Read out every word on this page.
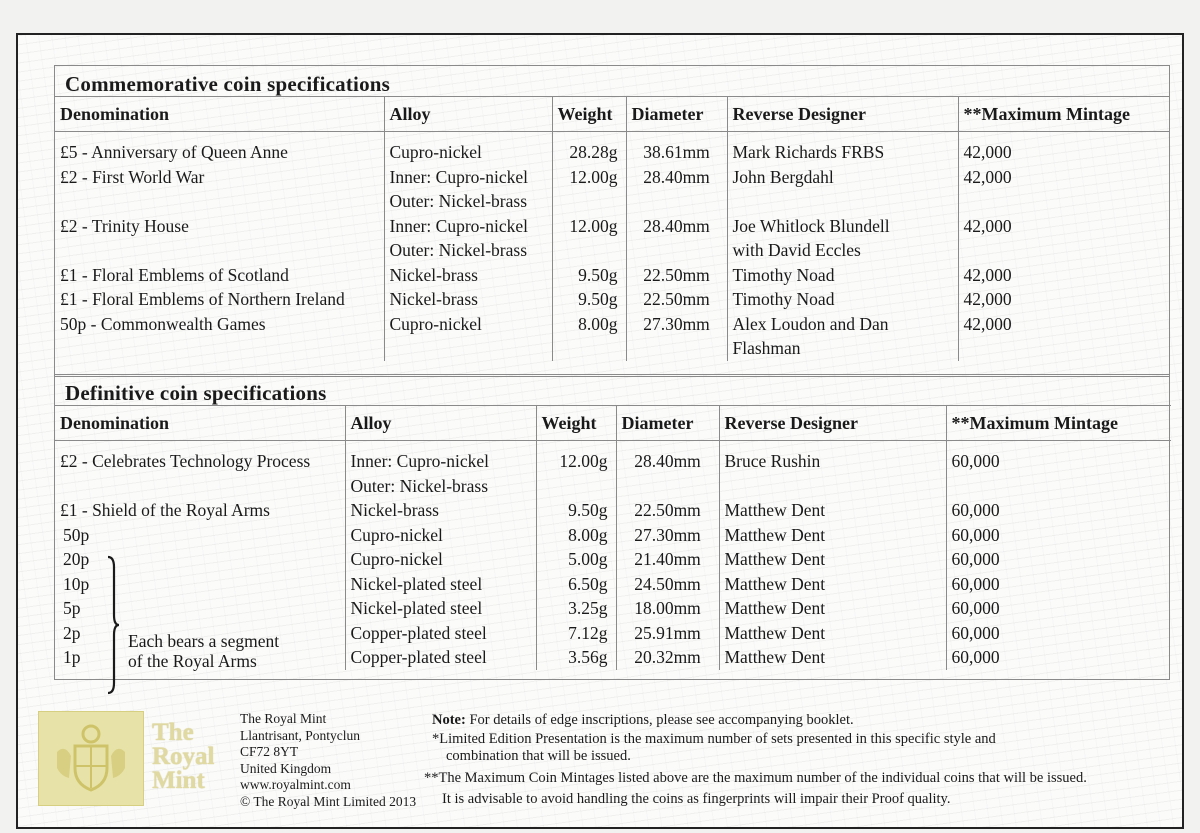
Commemorative coin specifications
Denomination	Alloy	Weight	Diameter	Reverse Designer	**Maximum Mintage
£5 - Anniversary of Queen Anne	Cupro-nickel	28.28g	38.61mm	Mark Richards FRBS	42,000
£2 - First World War	Inner: Cupro-nickel	12.00g	28.40mm	John Bergdahl	42,000
	Outer: Nickel-brass				
£2 - Trinity House	Inner: Cupro-nickel	12.00g	28.40mm	Joe Whitlock Blundell	42,000
	Outer: Nickel-brass			with David Eccles	
£1 - Floral Emblems of Scotland	Nickel-brass	9.50g	22.50mm	Timothy Noad	42,000
£1 - Floral Emblems of Northern Ireland	Nickel-brass	9.50g	22.50mm	Timothy Noad	42,000
50p - Commonwealth Games	Cupro-nickel	8.00g	27.30mm	Alex Loudon and Dan	42,000
				Flashman	
Definitive coin specifications
Denomination	Alloy	Weight	Diameter	Reverse Designer	**Maximum Mintage
£2 - Celebrates Technology Process	Inner: Cupro-nickel	12.00g	28.40mm	Bruce Rushin	60,000
	Outer: Nickel-brass				
£1 - Shield of the Royal Arms	Nickel-brass	9.50g	22.50mm	Matthew Dent	60,000
50p	Cupro-nickel	8.00g	27.30mm	Matthew Dent	60,000
20p	Cupro-nickel	5.00g	21.40mm	Matthew Dent	60,000
10p	Nickel-plated steel	6.50g	24.50mm	Matthew Dent	60,000
5p	Nickel-plated steel	3.25g	18.00mm	Matthew Dent	60,000
2p	Copper-plated steel	7.12g	25.91mm	Matthew Dent	60,000
1p	Copper-plated steel	3.56g	20.32mm	Matthew Dent	60,000
Each bears a segment
of the Royal Arms
The
Royal
Mint
The Royal Mint
Llantrisant, Pontyclun
CF72 8YT
United Kingdom
www.royalmint.com
© The Royal Mint Limited 2013
Note: For details of edge inscriptions, please see accompanying booklet.
*Limited Edition Presentation is the maximum number of sets presented in this specific style and
combination that will be issued.
**The Maximum Coin Mintages listed above are the maximum number of the individual coins that will be issued.
It is advisable to avoid handling the coins as fingerprints will impair their Proof quality.
